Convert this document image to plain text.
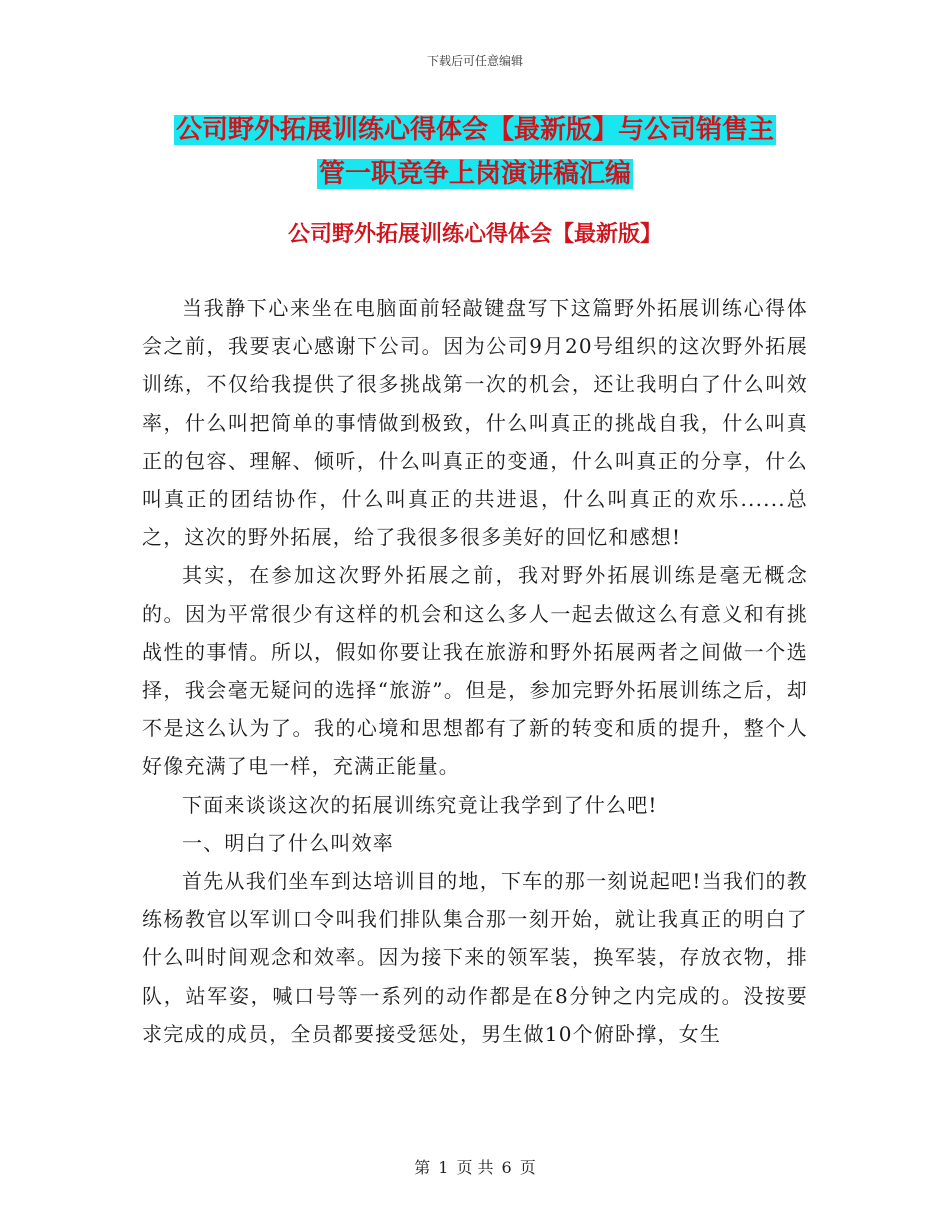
下载后可任意编辑
公司野外拓展训练心得体会【最新版】与公司销售主
管一职竞争上岗演讲稿汇编
公司野外拓展训练心得体会【最新版】

当我静下心来坐在电脑面前轻敲键盘写下这篇野外拓展训练心得体会之前，我要衷心感谢下公司。因为公司9月20号组织的这次野外拓展训练，不仅给我提供了很多挑战第一次的机会，还让我明白了什么叫效率，什么叫把简单的事情做到极致，什么叫真正的挑战自我，什么叫真正的包容、理解、倾听，什么叫真正的变通，什么叫真正的分享，什么叫真正的团结协作，什么叫真正的共进退，什么叫真正的欢乐......总之，这次的野外拓展，给了我很多很多美好的回忆和感想!

其实，在参加这次野外拓展之前，我对野外拓展训练是毫无概念的。因为平常很少有这样的机会和这么多人一起去做这么有意义和有挑战性的事情。所以，假如你要让我在旅游和野外拓展两者之间做一个选择，我会毫无疑问的选择“旅游”。但是，参加完野外拓展训练之后，却不是这么认为了。我的心境和思想都有了新的转变和质的提升，整个人好像充满了电一样，充满正能量。

下面来谈谈这次的拓展训练究竟让我学到了什么吧!

一、明白了什么叫效率

首先从我们坐车到达培训目的地，下车的那一刻说起吧!当我们的教练杨教官以军训口令叫我们排队集合那一刻开始，就让我真正的明白了什么叫时间观念和效率。因为接下来的领军装，换军装，存放衣物，排队，站军姿，喊口号等一系列的动作都是在8分钟之内完成的。没按要求完成的成员，全员都要接受惩处，男生做10个俯卧撑，女生

第 1 页 共 6 页
